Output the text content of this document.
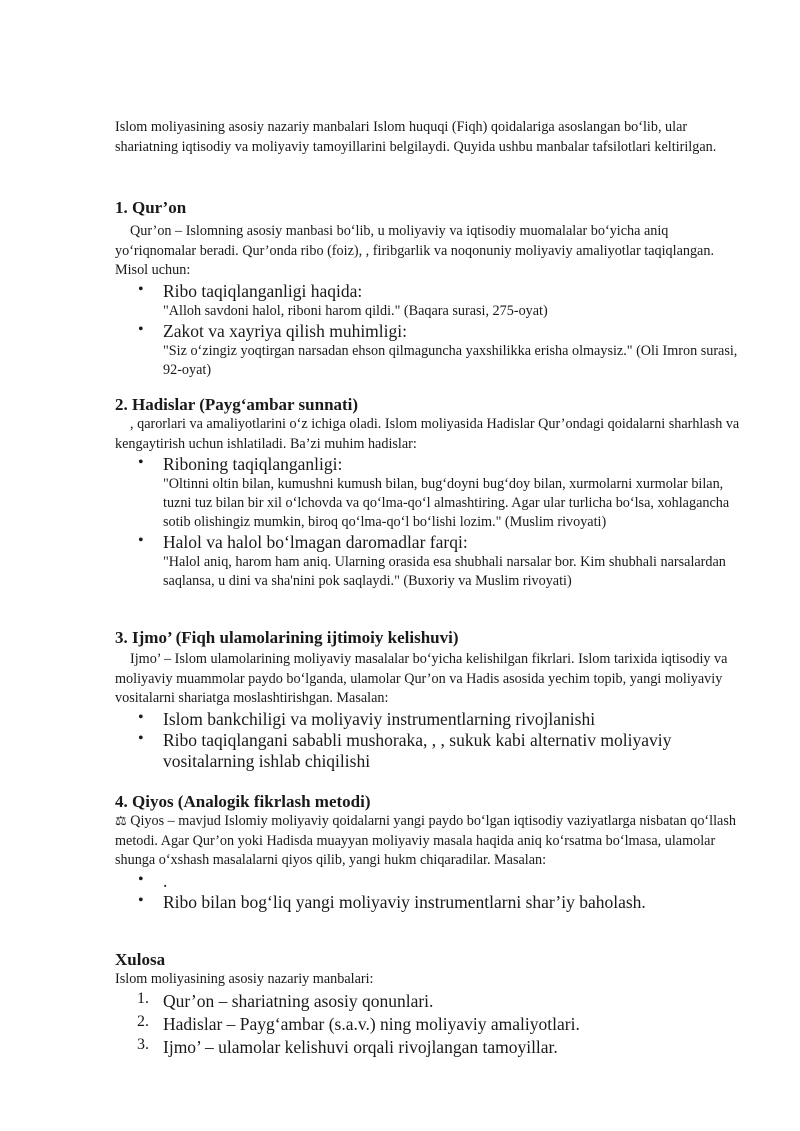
Islom moliyasining asosiy nazariy manbalari Islom huquqi (Fiqh) qoidalariga asoslangan bo‘lib, ular shariatning iqtisodiy va moliyaviy tamoyillarini belgilaydi. Quyida ushbu manbalar tafsilotlari keltirilgan.

1. Qur’on

Qur’on – Islomning asosiy manbasi bo‘lib, u moliyaviy va iqtisodiy muomalalar bo‘yicha aniq yo‘riqnomalar beradi. Qur’onda ribo (foiz), , firibgarlik va noqonuniy moliyaviy amaliyotlar taqiqlangan. Misol uchun:

• Ribo taqiqlanganligi haqida:
"Alloh savdoni halol, riboni harom qildi." (Baqara surasi, 275-oyat)
• Zakot va xayriya qilish muhimligi:
"Siz o‘zingiz yoqtirgan narsadan ehson qilmaguncha yaxshilikka erisha olmaysiz." (Oli Imron surasi, 92-oyat)
2. Hadislar (Payg‘ambar sunnati)

, qarorlari va amaliyotlarini o‘z ichiga oladi. Islom moliyasida Hadislar Qur’ondagi qoidalarni sharhlash va kengaytirish uchun ishlatiladi. Ba’zi muhim hadislar:

• Riboning taqiqlanganligi:
"Oltinni oltin bilan, kumushni kumush bilan, bug‘doyni bug‘doy bilan, xurmolarni xurmolar bilan, tuzni tuz bilan bir xil o‘lchovda va qo‘lma-qo‘l almashtiring. Agar ular turlicha bo‘lsa, xohlagancha sotib olishingiz mumkin, biroq qo‘lma-qo‘l bo‘lishi lozim." (Muslim rivoyati)
• Halol va halol bo‘lmagan daromadlar farqi:
"Halol aniq, harom ham aniq. Ularning orasida esa shubhali narsalar bor. Kim shubhali narsalardan saqlansa, u dini va sha'nini pok saqlaydi." (Buxoriy va Muslim rivoyati)
3. Ijmo’ (Fiqh ulamolarining ijtimoiy kelishuvi)

Ijmo’ – Islom ulamolarining moliyaviy masalalar bo‘yicha kelishilgan fikrlari. Islom tarixida iqtisodiy va moliyaviy muammolar paydo bo‘lganda, ulamolar Qur’on va Hadis asosida yechim topib, yangi moliyaviy vositalarni shariatga moslashtirishgan. Masalan:

• Islom bankchiligi va moliyaviy instrumentlarning rivojlanishi
• Ribo taqiqlangani sababli mushoraka, , , sukuk kabi alternativ moliyaviy vositalarning ishlab chiqilishi
4. Qiyos (Analogik fikrlash metodi)

⚖ Qiyos – mavjud Islomiy moliyaviy qoidalarni yangi paydo bo‘lgan iqtisodiy vaziyatlarga nisbatan qo‘llash metodi. Agar Qur’on yoki Hadisda muayyan moliyaviy masala haqida aniq ko‘rsatma bo‘lmasa, ulamolar shunga o‘xshash masalalarni qiyos qilib, yangi hukm chiqaradilar. Masalan:

• .
• Ribo bilan bog‘liq yangi moliyaviy instrumentlarni shar’iy baholash.
Xulosa

Islom moliyasining asosiy nazariy manbalari:

1. Qur’on – shariatning asosiy qonunlari.
2. Hadislar – Payg‘ambar (s.a.v.) ning moliyaviy amaliyotlari.
3. Ijmo’ – ulamolar kelishuvi orqali rivojlangan tamoyillar.
